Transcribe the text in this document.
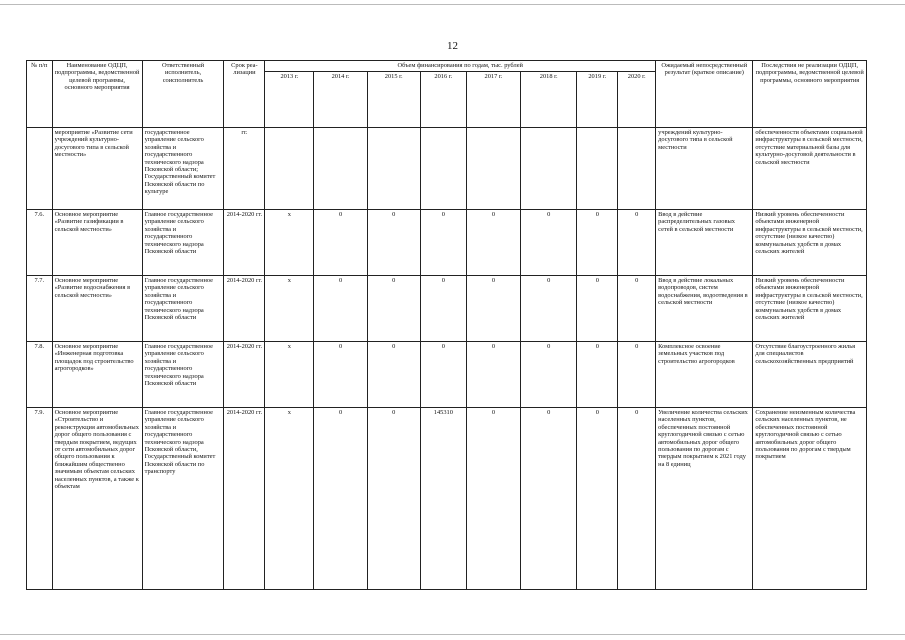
12
№ п/п	Наименование ОДЦП, подпрограммы, ведомственной целевой программы, основного мероприятия	Ответственный исполнитель, соисполнитель	Срок реа-лизации	Объем финансирования по годам, тыс. рублей								Ожидаемый непосредственный результат (краткое описание)	Последствия не реализации ОДЦП, подпрограммы, ведомственной целевой программы, основного мероприятия
				2013 г.	2014 г.	2015 г.	2016 г.	2017 г.	2018 г.	2019 г.	2020 г.		
	мероприятие «Развитие сети учреждений культурно-досугового типа в сельской местности»	государственное управление сельского хозяйства и государственного технического надзора Псковской области; Государственный комитет Псковской области по культуре	гг.									учреждений культурно-досугового типа в сельской местности	обеспеченности объектами социальной инфраструктуры в сельской местности, отсутствие материальной базы для культурно-досуговой деятельности в сельской местности
7.6.	Основное мероприятие «Развитие газификации в сельской местности»	Главное государственное управление сельского хозяйства и государственного технического надзора Псковской области	2014-2020 гг.	х	0	0	0	0	0	0	0	Ввод в действие распределительных газовых сетей в сельской местности	Низкий уровень обеспеченности объектами инженерной инфраструктуры в сельской местности, отсутствие (низкое качество) коммунальных удобств в домах сельских жителей
7.7.	Основное мероприятие «Развитие водоснабжения в сельской местности»	Главное государственное управление сельского хозяйства и государственного технического надзора Псковской области	2014-2020 гг.	х	0	0	0	0	0	0	0	Ввод в действие локальных водопроводов, систем водоснабжения, водоотведения в сельской местности	Низкий уровень обеспеченности объектами инженерной инфраструктуры в сельской местности, отсутствие (низкое качество) коммунальных удобств в домах сельских жителей
7.8.	Основное мероприятие «Инженерная подготовка площадок под строительство агрогородков»	Главное государственное управление сельского хозяйства и государственного технического надзора Псковской области	2014-2020 гг.	х	0	0	0	0	0	0	0	Комплексное освоение земельных участков под строительство агрогородков	Отсутствие благоустроенного жилья для специалистов сельскохозяйственных предприятий
7.9.	Основное мероприятие «Строительство и реконструкция автомобильных дорог общего пользования с твердым покрытием, ведущих от сети автомобильных дорог общего пользования к ближайшим общественно значимым объектам сельских населенных пунктов, а также к объектам	Главное государственное управление сельского хозяйства и государственного технического надзора Псковской области, Государственный комитет Псковской области по транспорту	2014-2020 гг.	х	0	0	145310	0	0	0	0	Увеличение количества сельских населенных пунктов, обеспеченных постоянной круглогодичной связью с сетью автомобильных дорог общего пользования по дорогам с твердым покрытием к 2021 году на 8 единиц	Сохранение неизменным количества сельских населенных пунктов, не обеспеченных постоянной круглогодичной связью с сетью автомобильных дорог общего пользования по дорогам с твердым покрытием
